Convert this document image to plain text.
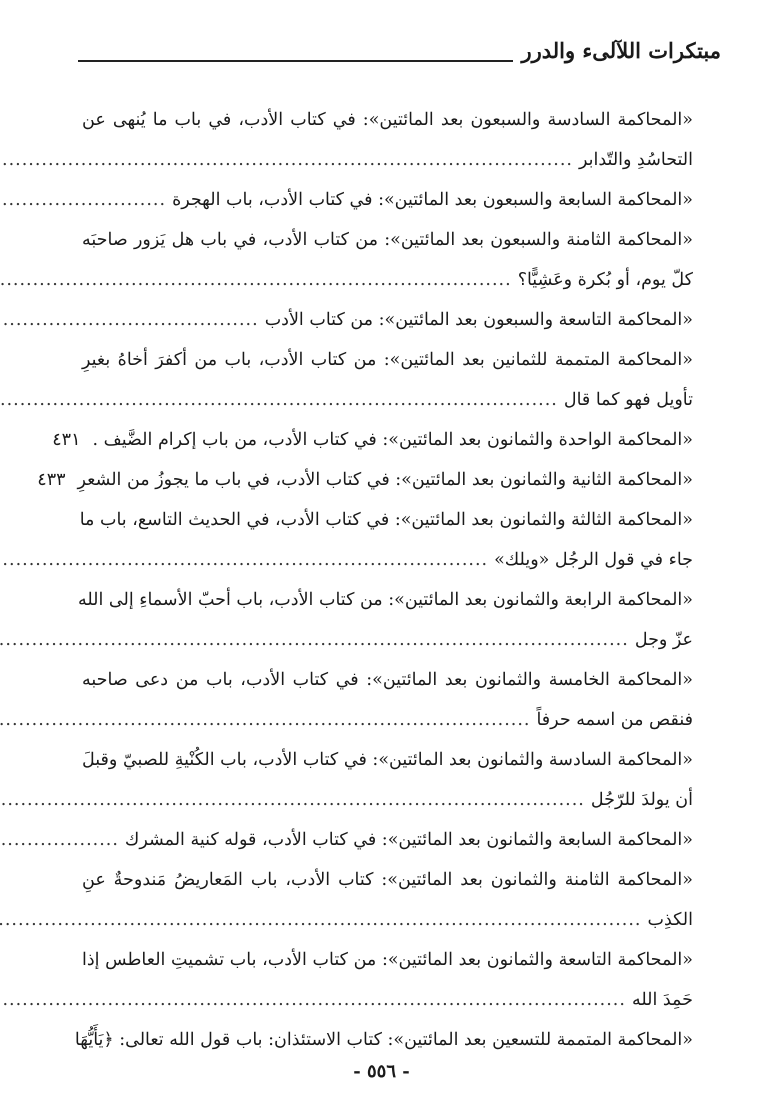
مبتكرات اللآلىء والدرر
«المحاكمة السادسة والسبعون بعد المائتين»: في كتاب الأدب، في باب ما يُنهى عن
التحاسُدِ والتّدابر
.....
«المحاكمة السابعة والسبعون بعد المائتين»: في كتاب الأدب، باب الهجرة
.....
«المحاكمة الثامنة والسبعون بعد المائتين»: من كتاب الأدب، في باب هل يَزور صاحبَه
كلّ يوم، أو بُكرة وعَشِيًّا؟
.....
«المحاكمة التاسعة والسبعون بعد المائتين»: من كتاب الأدب
.....
«المحاكمة المتممة للثمانين بعد المائتين»: من كتاب الأدب، باب من أكفرَ أخاهُ بغيرِ
تأويل فهو كما قال
.....
«المحاكمة الواحدة والثمانون بعد المائتين»: في كتاب الأدب، من باب إكرام الضَّيف .
٤٣١
«المحاكمة الثانية والثمانون بعد المائتين»: في كتاب الأدب، في باب ما يجوزُ من الشعرِ
٤٣٣
«المحاكمة الثالثة والثمانون بعد المائتين»: في كتاب الأدب، في الحديث التاسع، باب ما
جاء في قول الرجُل «ويلك»
.....
«المحاكمة الرابعة والثمانون بعد المائتين»: من كتاب الأدب، باب أحبّ الأسماءِ إلى الله
عزّ وجل
.....
«المحاكمة الخامسة والثمانون بعد المائتين»: في كتاب الأدب، باب من دعى صاحبه
فنقص من اسمه حرفاً
.....
«المحاكمة السادسة والثمانون بعد المائتين»: في كتاب الأدب، باب الكُنْيةِ للصبيّ وقبلَ
أن يولدَ للرّجُل
.....
«المحاكمة السابعة والثمانون بعد المائتين»: في كتاب الأدب، قوله كنية المشرك
.....
«المحاكمة الثامنة والثمانون بعد المائتين»: كتاب الأدب، باب المَعاريضُ مَندوحةٌ عنِ
الكذِب
.....
«المحاكمة التاسعة والثمانون بعد المائتين»: من كتاب الأدب، باب تشميتِ العاطس إذا
حَمِدَ الله
.....
«المحاكمة المتممة للتسعين بعد المائتين»: كتاب الاستئذان: باب قول الله تعالى: ﴿يَأَيُّهَا
- ٥٥٦ -
